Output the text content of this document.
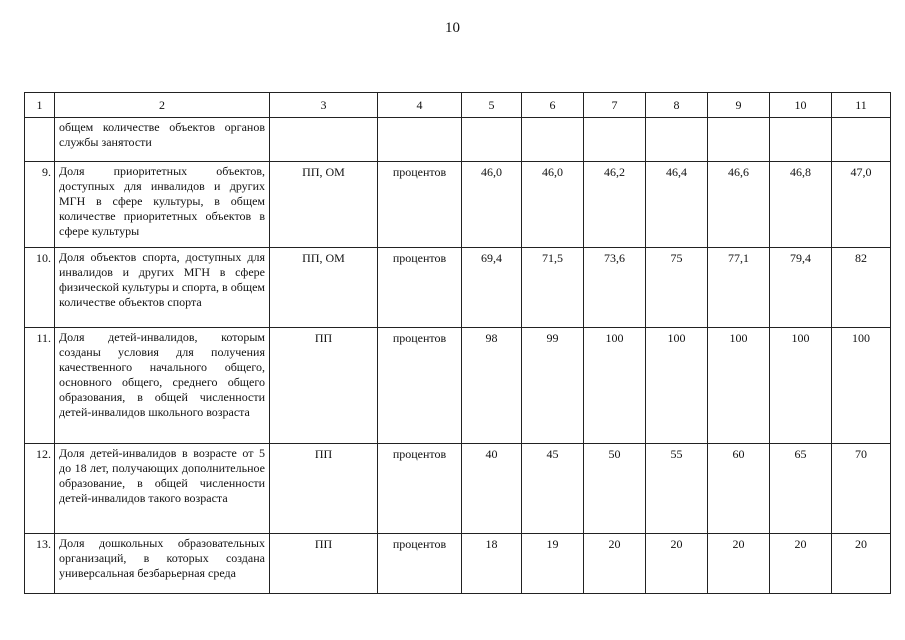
10
1	2	3	4	5	6	7	8	9	10	11
	общем количестве объектов органов службы занятости									
9.	Доля приоритетных объектов, доступных для инвалидов и других МГН в сфере культуры, в общем количестве приоритетных объектов в сфере культуры	ПП, ОМ	процентов	46,0	46,0	46,2	46,4	46,6	46,8	47,0
10.	Доля объектов спорта, доступных для инвалидов и других МГН в сфере физической культуры и спорта, в общем количестве объектов спорта	ПП, ОМ	процентов	69,4	71,5	73,6	75	77,1	79,4	82
11.	Доля детей-инвалидов, которым созданы условия для получения качественного начального общего, основного общего, среднего общего образования, в общей численности детей-инвалидов школьного возраста	ПП	процентов	98	99	100	100	100	100	100
12.	Доля детей-инвалидов в возрасте от 5 до 18 лет, получающих дополнительное образование, в общей численности детей-инвалидов такого возраста	ПП	процентов	40	45	50	55	60	65	70
13.	Доля дошкольных образовательных организаций, в которых создана универсальная безбарьерная среда	ПП	процентов	18	19	20	20	20	20	20
